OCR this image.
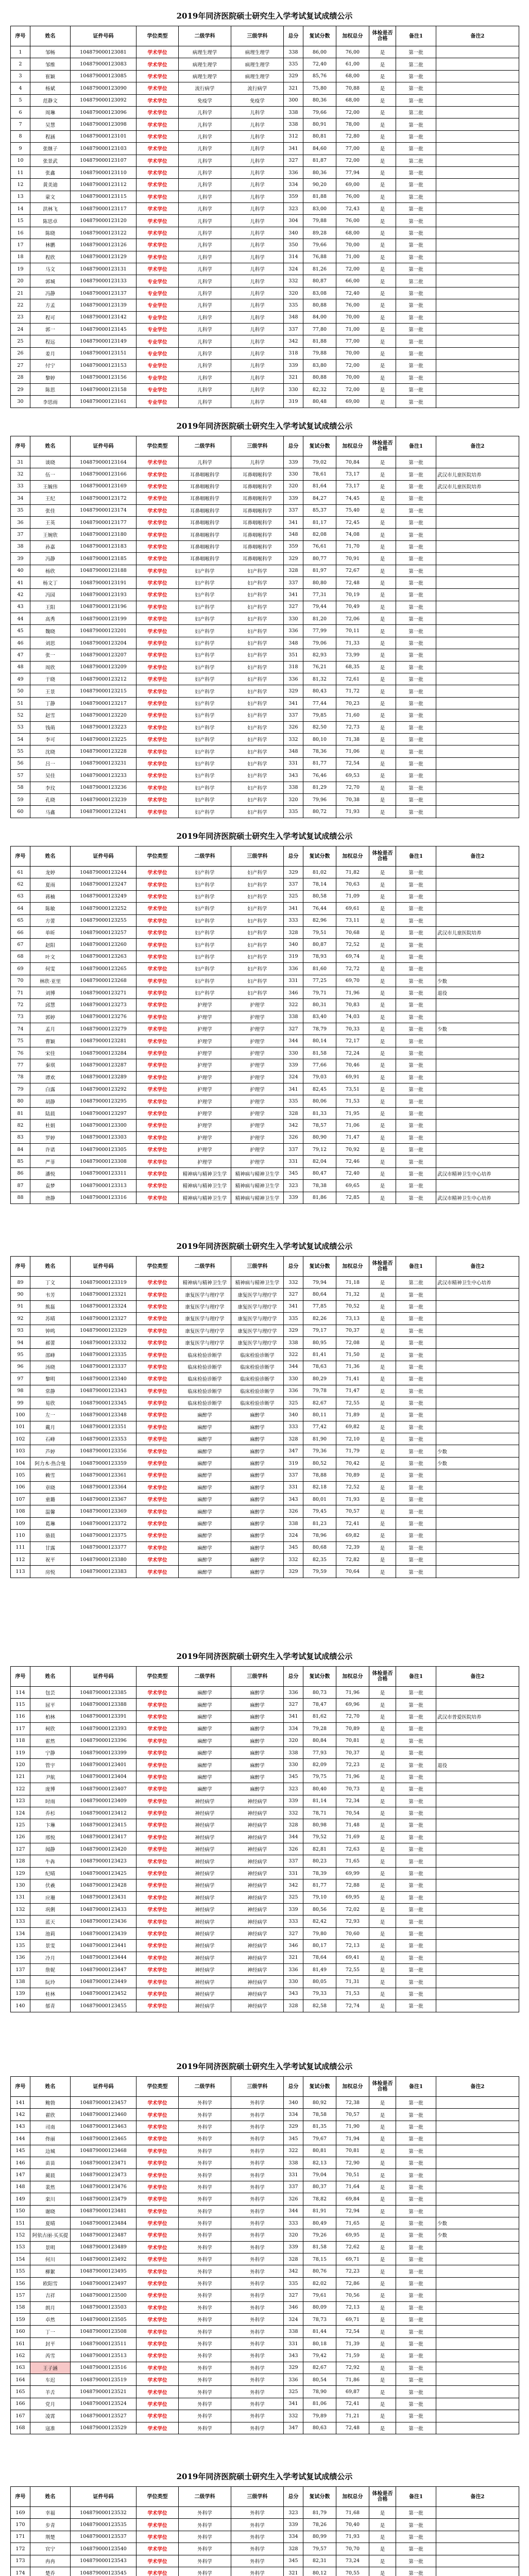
2019年同济医院硕士研究生入学考试复试成绩公示
序号	姓名	证件号码	学位类型	二级学科	三级学科	总分	复试分数	加权总分	体检是否合格	备注1	备注2
1	邹畅	104879000123081	学术学位	病理生理学	病理生理学	338	86,00	76,00	是	第一批	
2	邹维	104879000123083	学术学位	病理生理学	病理生理学	335	72,40	61,00	是	第二批	
3	崔颖	104879000123085	学术学位	病理生理学	病理生理学	329	85,76	68,00	是	第一批	
4	杨斌	104879000123090	学术学位	流行病学	流行病学	321	75,80	70,88	是	第一批	
5	范静文	104879000123092	学术学位	免疫学	免疫学	300	80,36	68,00	是	第一批	
6	周琳	104879000123096	学术学位	儿科学	儿科学	338	79,66	72,00	是	第二批	
7	吴慧	104879000123098	学术学位	儿科学	儿科学	338	80,91	78,00	是	第一批	
8	程涵	104879000123101	学术学位	儿科学	儿科学	312	80,81	72,80	是	第一批	
9	张继子	104879000123103	学术学位	儿科学	儿科学	341	84,60	77,00	是	第一批	
10	张景武	104879000123107	学术学位	儿科学	儿科学	327	81,87	72,00	是	第二批	
11	张鑫	104879000123110	学术学位	儿科学	儿科学	336	80,36	77,94	是	第一批	
12	黄美迪	104879000123112	学术学位	儿科学	儿科学	334	90,20	69,00	是	第一批	
13	蒙文	104879000123115	学术学位	儿科学	儿科学	359	81,88	76,00	是	第二批	
14	洪林飞	104879000123117	学术学位	儿科学	儿科学	323	83,00	72,43	是	第一批	
15	陈思卓	104879000123120	学术学位	儿科学	儿科学	304	79,88	76,00	是	第一批	
16	陈晓	104879000123122	学术学位	儿科学	儿科学	340	89,28	68,00	是	第一批	
17	林鹏	104879000123126	学术学位	儿科学	儿科学	350	79,66	70,00	是	第一批	
18	程欣	104879000123129	学术学位	儿科学	儿科学	314	76,88	71,00	是	第一批	
19	马文	104879000123131	学术学位	儿科学	儿科学	324	81,26	72,00	是	第一批	
20	郭城	104879000123133	专业学位	儿科学	儿科学	332	80,87	66,00	是	第二批	
21	冯静	104879000123137	专业学位	儿科学	儿科学	320	83,08	72,40	是	第一批	
22	方孟	104879000123139	专业学位	儿科学	儿科学	335	80,88	76,00	是	第一批	
23	程可	104879000123142	专业学位	儿科学	儿科学	348	84,00	70,00	是	第一批	
24	郭一	104879000123145	专业学位	儿科学	儿科学	337	77,80	71,00	是	第一批	
25	程远	104879000123149	专业学位	儿科学	儿科学	342	81,88	77,00	是	第一批	
26	姜月	104879000123151	专业学位	儿科学	儿科学	318	79,88	70,00	是	第一批	
27	付宁	104879000123153	专业学位	儿科学	儿科学	339	83,80	72,00	是	第一批	
28	黎婷	104879000123156	专业学位	儿科学	儿科学	321	80,88	70,00	是	第一批	
29	陈思	104879000123158	专业学位	儿科学	儿科学	330	82,32	72,00	是	第一批	
30	李思雨	104879000123161	专业学位	儿科学	儿科学	319	80,48	69,00	是	第一批	
2019年同济医院硕士研究生入学考试复试成绩公示
序号	姓名	证件号码	学位类型	二级学科	三级学科	总分	复试分数	加权总分	体检是否合格	备注1	备注2
31	谈晓	104879000123164	学术学位	儿科学	儿科学	339	79,02	70,84	是	第一批	
32	伍一	104879000123166	学术学位	耳鼻咽喉科学	耳鼻咽喉科学	330	78,61	73,17	是	第一批	武汉市儿童医院培养
33	王毓伟	104879000123169	学术学位	耳鼻咽喉科学	耳鼻咽喉科学	320	81,64	73,17	是	第一批	武汉市儿童医院培养
34	王纪	104879000123172	学术学位	耳鼻咽喉科学	耳鼻咽喉科学	339	84,27	74,45	是	第一批	
35	张佳	104879000123174	学术学位	耳鼻咽喉科学	耳鼻咽喉科学	337	85,37	75,40	是	第一批	
36	王英	104879000123177	学术学位	耳鼻咽喉科学	耳鼻咽喉科学	341	81,17	72,45	是	第一批	
37	王婉欣	104879000123180	学术学位	耳鼻咽喉科学	耳鼻咽喉科学	348	82,08	74,08	是	第一批	
38	孙嘉	104879000123183	学术学位	耳鼻咽喉科学	耳鼻咽喉科学	359	76,61	71,70	是	第一批	
39	冯静	104879000123185	学术学位	耳鼻咽喉科学	耳鼻咽喉科学	329	80,77	70,91	是	第一批	
40	杨欣	104879000123188	学术学位	妇产科学	妇产科学	328	81,97	72,67	是	第一批	
41	杨文丁	104879000123191	学术学位	妇产科学	妇产科学	337	80,80	72,48	是	第一批	
42	冯园	104879000123193	学术学位	妇产科学	妇产科学	341	77,31	70,19	是	第一批	
43	王阳	104879000123196	学术学位	妇产科学	妇产科学	327	79,44	70,49	是	第一批	
44	高秀	104879000123199	学术学位	妇产科学	妇产科学	330	81,20	72,06	是	第一批	
45	魏晓	104879000123201	学术学位	妇产科学	妇产科学	336	77,99	70,11	是	第一批	
46	刘思	104879000123204	学术学位	妇产科学	妇产科学	348	79,06	71,33	是	第一批	
47	张一	104879000123207	学术学位	妇产科学	妇产科学	351	82,93	73,99	是	第一批	
48	周欣	104879000123209	学术学位	妇产科学	妇产科学	318	76,21	68,35	是	第一批	
49	于晓	104879000123212	学术学位	妇产科学	妇产科学	336	81,32	72,61	是	第一批	
50	王景	104879000123215	学术学位	妇产科学	妇产科学	329	80,43	71,72	是	第一批	
51	丁静	104879000123217	学术学位	妇产科学	妇产科学	341	77,44	70,23	是	第一批	
52	赵雪	104879000123220	学术学位	妇产科学	妇产科学	337	79,85	71,60	是	第一批	
53	钱萌	104879000123223	学术学位	妇产科学	妇产科学	326	82,50	72,73	是	第一批	
54	李可	104879000123225	学术学位	妇产科学	妇产科学	332	80,10	71,38	是	第一批	
55	沈晓	104879000123228	学术学位	妇产科学	妇产科学	348	78,36	71,06	是	第一批	
56	吕一	104879000123231	学术学位	妇产科学	妇产科学	331	81,77	72,54	是	第一批	
57	吴佳	104879000123233	学术学位	妇产科学	妇产科学	343	76,46	69,53	是	第一批	
58	李玟	104879000123236	学术学位	妇产科学	妇产科学	338	81,29	72,70	是	第一批	
59	孔晓	104879000123239	学术学位	妇产科学	妇产科学	320	79,96	70,38	是	第一批	
60	马鑫	104879000123241	学术学位	妇产科学	妇产科学	335	80,72	71,93	是	第一批	
2019年同济医院硕士研究生入学考试复试成绩公示
序号	姓名	证件号码	学位类型	二级学科	三级学科	总分	复试分数	加权总分	体检是否合格	备注1	备注2
61	龙婷	104879000123244	学术学位	妇产科学	妇产科学	329	81,02	71,82	是	第一批	
62	夏雨	104879000123247	学术学位	妇产科学	妇产科学	337	78,14	70,63	是	第一批	
63	蒋楠	104879000123249	学术学位	妇产科学	妇产科学	325	80,58	71,09	是	第一批	
64	陈敏	104879000123252	学术学位	妇产科学	妇产科学	341	76,44	69,61	是	第一批	
65	方蕾	104879000123255	学术学位	妇产科学	妇产科学	333	82,96	73,11	是	第一批	
66	单昕	104879000123257	学术学位	妇产科学	妇产科学	328	79,51	70,68	是	第一批	武汉市儿童医院培养
67	赵阳	104879000123260	学术学位	妇产科学	妇产科学	340	80,87	72,52	是	第一批	
68	叶文	104879000123263	学术学位	妇产科学	妇产科学	319	78,93	69,74	是	第一批	
69	何雯	104879000123265	学术学位	妇产科学	妇产科学	336	81,60	72,72	是	第一批	
70	林欣·亚里	104879000123268	学术学位	妇产科学	妇产科学	331	77,25	69,70	是	第一批	少数
71	刘博	104879000123271	学术学位	妇产科学	妇产科学	346	79,71	71,96	是	第一批	退役
72	邱慧	104879000123273	学术学位	护理学	护理学	322	80,31	70,83	是	第一批	
73	郭婷	104879000123276	学术学位	护理学	护理学	338	83,40	74,03	是	第一批	
74	孟月	104879000123279	学术学位	护理学	护理学	327	78,79	70,33	是	第一批	少数
75	曹颖	104879000123281	学术学位	护理学	护理学	344	80,14	72,17	是	第一批	
76	宋佳	104879000123284	学术学位	护理学	护理学	330	81,58	72,24	是	第一批	
77	秦琪	104879000123287	学术学位	护理学	护理学	339	77,66	70,46	是	第一批	
78	谭欢	104879000123289	学术学位	护理学	护理学	324	79,03	69,91	是	第一批	
79	白露	104879000123292	学术学位	护理学	护理学	341	82,45	73,51	是	第一批	
80	胡静	104879000123295	学术学位	护理学	护理学	335	80,06	71,53	是	第一批	
81	陆晨	104879000123297	学术学位	护理学	护理学	328	81,33	71,95	是	第一批	
82	杜娟	104879000123300	学术学位	护理学	护理学	342	78,57	71,06	是	第一批	
83	罗婷	104879000123303	学术学位	护理学	护理学	326	80,90	71,47	是	第一批	
84	许诺	104879000123305	学术学位	护理学	护理学	337	79,12	70,92	是	第一批	
85	严菲	104879000123308	学术学位	护理学	护理学	331	82,04	72,46	是	第一批	
86	潘悦	104879000123311	学术学位	精神病与精神卫生学	精神病与精神卫生学	345	80,47	72,40	是	第一批	武汉市精神卫生中心培养
87	袁梦	104879000123313	学术学位	精神病与精神卫生学	精神病与精神卫生学	323	78,38	69,65	是	第一批	
88	唐静	104879000123316	学术学位	精神病与精神卫生学	精神病与精神卫生学	339	81,86	72,85	是	第一批	武汉市精神卫生中心培养
2019年同济医院硕士研究生入学考试复试成绩公示
序号	姓名	证件号码	学位类型	二级学科	三级学科	总分	复试分数	加权总分	体检是否合格	备注1	备注2
89	丁文	104879000123319	学术学位	精神病与精神卫生学	精神病与精神卫生学	332	79,94	71,18	是	第二批	武汉市精神卫生中心培养
90	韦芳	104879000123321	学术学位	康复医学与理疗学	康复医学与理疗学	327	80,64	71,32	是	第一批	
91	熊磊	104879000123324	学术学位	康复医学与理疗学	康复医学与理疗学	341	77,85	70,52	是	第一批	
92	苏晴	104879000123327	学术学位	康复医学与理疗学	康复医学与理疗学	335	82,26	73,13	是	第一批	
93	钟鸣	104879000123329	学术学位	康复医学与理疗学	康复医学与理疗学	329	79,17	70,37	是	第一批	
94	郝蕾	104879000123332	学术学位	康复医学与理疗学	康复医学与理疗学	338	80,95	72,08	是	第一批	
95	邵峰	104879000123335	学术学位	临床检验诊断学	临床检验诊断学	322	81,41	71,50	是	第一批	
96	汤晓	104879000123337	学术学位	临床检验诊断学	临床检验诊断学	344	78,63	71,36	是	第一批	
97	黎明	104879000123340	学术学位	临床检验诊断学	临床检验诊断学	330	80,29	71,41	是	第一批	
98	常静	104879000123343	学术学位	临床检验诊断学	临床检验诊断学	336	79,78	71,47	是	第一批	
99	易欣	104879000123345	学术学位	临床检验诊断学	临床检验诊断学	325	82,67	72,55	是	第一批	
100	左一	104879000123348	学术学位	麻醉学	麻醉学	340	80,11	71,89	是	第一批	
101	戴月	104879000123351	学术学位	麻醉学	麻醉学	333	77,42	69,82	是	第一批	
102	石峰	104879000123353	学术学位	麻醉学	麻醉学	328	81,90	72,10	是	第一批	
103	芦婷	104879000123356	学术学位	麻醉学	麻醉学	347	79,36	71,79	是	第一批	少数
104	阿力木·热合曼	104879000123359	学术学位	麻醉学	麻醉学	319	80,52	70,42	是	第一批	少数
105	赖雪	104879000123361	学术学位	麻醉学	麻醉学	337	78,88	70,89	是	第一批	
106	章晓	104879000123364	学术学位	麻醉学	麻醉学	331	82,18	72,52	是	第一批	
107	童璐	104879000123367	学术学位	麻醉学	麻醉学	343	80,01	71,93	是	第一批	
108	温馨	104879000123369	学术学位	麻醉学	麻醉学	326	79,45	70,57	是	第一批	
109	葛琳	104879000123372	学术学位	麻醉学	麻醉学	338	81,23	72,41	是	第一批	
110	骆晨	104879000123375	学术学位	麻醉学	麻醉学	324	78,96	69,82	是	第一批	
111	甘露	104879000123377	学术学位	麻醉学	麻醉学	345	80,68	72,39	是	第一批	
112	祝平	104879000123380	学术学位	麻醉学	麻醉学	332	82,35	72,82	是	第一批	
113	房悦	104879000123383	学术学位	麻醉学	麻醉学	329	79,59	70,64	是	第一批	
2019年同济医院硕士研究生入学考试复试成绩公示
序号	姓名	证件号码	学位类型	二级学科	三级学科	总分	复试分数	加权总分	体检是否合格	备注1	备注2
114	包芸	104879000123385	学术学位	麻醉学	麻醉学	336	80,73	71,96	是	第一批	
115	屈平	104879000123388	学术学位	麻醉学	麻醉学	327	78,47	69,96	是	第一批	
116	柏林	104879000123391	学术学位	麻醉学	麻醉学	341	81,62	72,70	是	第一批	武汉市普爱医院培养
117	柯欣	104879000123393	学术学位	麻醉学	麻醉学	334	79,28	70,89	是	第一批	
118	霍然	104879000123396	学术学位	麻醉学	麻醉学	320	80,84	70,81	是	第一批	
119	宁静	104879000123399	学术学位	麻醉学	麻醉学	338	77,93	70,37	是	第一批	
120	管宇	104879000123401	学术学位	麻醉学	麻醉学	330	82,09	72,23	是	第一批	退役
121	尹航	104879000123404	学术学位	麻醉学	麻醉学	345	79,75	71,96	是	第一批	
122	庞博	104879000123407	学术学位	麻醉学	麻醉学	323	80,40	70,73	是	第一批	
123	时雨	104879000123409	学术学位	神经病学	神经病学	339	81,14	72,34	是	第一批	
124	乔杉	104879000123412	学术学位	神经病学	神经病学	332	78,71	70,54	是	第一批	
125	卞琳	104879000123415	学术学位	神经病学	神经病学	328	80,98	71,48	是	第一批	
126	邢悦	104879000123417	学术学位	神经病学	神经病学	344	79,52	71,69	是	第一批	
127	闻静	104879000123420	学术学位	神经病学	神经病学	326	82,81	72,63	是	第一批	
128	牛犇	104879000123423	学术学位	神经病学	神经病学	337	80,23	71,65	是	第一批	
129	纪晴	104879000123425	学术学位	神经病学	神经病学	331	78,39	69,99	是	第一批	
130	伏羲	104879000123428	学术学位	神经病学	神经病学	342	81,77	72,88	是	第一批	
131	应珊	104879000123431	学术学位	神经病学	神经病学	325	79,10	69,95	是	第一批	
132	巩俐	104879000123433	学术学位	神经病学	神经病学	339	80,56	72,02	是	第一批	
133	蓝天	104879000123436	学术学位	神经病学	神经病学	333	82,42	72,93	是	第一批	
134	池莉	104879000123439	学术学位	神经病学	神经病学	327	79,80	70,60	是	第一批	
135	景雯	104879000123441	学术学位	神经病学	神经病学	346	80,17	72,13	是	第一批	
136	冷月	104879000123444	学术学位	神经病学	神经病学	321	78,64	69,41	是	第一批	
137	詹妮	104879000123447	学术学位	神经病学	神经病学	336	81,49	72,55	是	第一批	
138	阮玲	104879000123449	学术学位	神经病学	神经病学	330	80,05	71,31	是	第一批	
139	桂林	104879000123452	学术学位	神经病学	神经病学	343	79,33	71,53	是	第一批	
140	郁青	104879000123455	学术学位	神经病学	神经病学	328	82,58	72,74	是	第一批	
2019年同济医院硕士研究生入学考试复试成绩公示
序号	姓名	证件号码	学位类型	二级学科	三级学科	总分	复试分数	加权总分	体检是否合格	备注1	备注2
141	鲍勃	104879000123457	学术学位	外科学	外科学	340	80,92	72,38	是	第一批	
142	翟欣	104879000123460	学术学位	外科学	外科学	334	78,58	70,57	是	第一批	
143	司南	104879000123463	学术学位	外科学	外科学	329	81,35	71,90	是	第一批	
144	佟丽	104879000123465	学术学位	外科学	外科学	345	79,67	71,94	是	第一批	
145	边城	104879000123468	学术学位	外科学	外科学	322	80,81	70,81	是	第一批	
146	苗苗	104879000123471	学术学位	外科学	外科学	338	82,13	72,90	是	第一批	
147	蔺晨	104879000123473	学术学位	外科学	外科学	331	79,04	70,51	是	第一批	
148	裴然	104879000123476	学术学位	外科学	外科学	337	80,37	71,64	是	第一批	
149	栾川	104879000123479	学术学位	外科学	外科学	326	78,82	69,84	是	第一批	
150	谢晓	104879000123481	学术学位	外科学	外科学	344	81,91	72,94	是	第一批	
151	夏晴	104879000123484	学术学位	外科学	外科学	333	80,49	71,65	是	第一批	少数
152	阿依古丽·买买提	104879000123487	学术学位	外科学	外科学	320	79,26	69,95	是	第一批	少数
153	景明	104879000123489	学术学位	外科学	外科学	339	81,58	72,62	是	第一批	
154	何川	104879000123492	学术学位	外科学	外科学	328	78,15	69,71	是	第一批	
155	柳絮	104879000123495	学术学位	外科学	外科学	342	80,76	72,23	是	第一批	
156	欧阳雪	104879000123497	学术学位	外科学	外科学	335	82,02	72,86	是	第一批	
157	吉祥	104879000123500	学术学位	外科学	外科学	327	79,61	70,56	是	第一批	
158	朗月	104879000123503	学术学位	外科学	外科学	346	80,09	72,13	是	第一批	
159	卓然	104879000123505	学术学位	外科学	外科学	324	78,73	69,71	是	第一批	
160	丁一	104879000123508	学术学位	外科学	外科学	338	81,44	72,54	是	第一批	
161	封平	104879000123511	学术学位	外科学	外科学	331	80,18	71,39	是	第一批	
162	芮雪	104879000123513	学术学位	外科学	外科学	343	79,42	71,59	是	第一批	
163	王子涵	104879000123516	学术学位	外科学	外科学	329	82,67	72,92	是	第一批	
164	车迟	104879000123519	学术学位	外科学	外科学	336	80,54	71,86	是	第一批	
165	羊舌	104879000123521	学术学位	外科学	外科学	325	78,90	69,87	是	第一批	
166	党月	104879000123524	学术学位	外科学	外科学	341	81,06	72,41	是	第一批	
167	凌霄	104879000123527	学术学位	外科学	外科学	332	79,89	71,21	是	第一批	
168	寇准	104879000123529	学术学位	外科学	外科学	347	80,63	72,48	是	第一批	
2019年同济医院硕士研究生入学考试复试成绩公示
序号	姓名	证件号码	学位类型	二级学科	三级学科	总分	复试分数	加权总分	体检是否合格	备注1	备注2
169	幸福	104879000123532	学术学位	外科学	外科学	323	81,79	71,68	是	第一批	
170	步青	104879000123535	学术学位	外科学	外科学	339	78,26	70,40	是	第一批	
171	荆楚	104879000123537	学术学位	外科学	外科学	334	80,99	71,93	是	第一批	
172	官宁	104879000123540	学术学位	外科学	外科学	328	79,57	70,70	是	第一批	
173	冉冉	104879000123543	学术学位	外科学	外科学	345	82,31	73,24	是	第一批	
174	楚乔	104879000123545	学术学位	外科学	外科学	321	80,12	70,55	是	第一批	
